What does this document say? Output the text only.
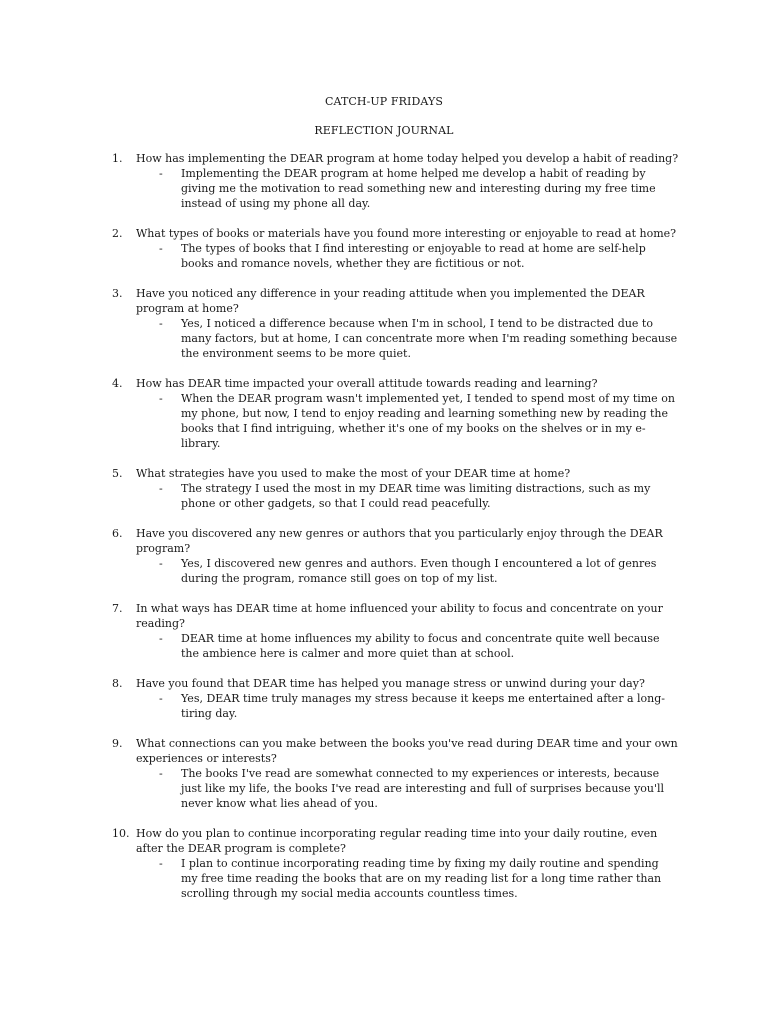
CATCH-UP FRIDAYS
REFLECTION JOURNAL
1. How has implementing the DEAR program at home today helped you develop a habit of reading?
- Implementing the DEAR program at home helped me develop a habit of reading by giving me the motivation to read something new and interesting during my free time instead of using my phone all day.
2. What types of books or materials have you found more interesting or enjoyable to read at home?
- The types of books that I find interesting or enjoyable to read at home are self-help books and romance novels, whether they are fictitious or not.
3. Have you noticed any difference in your reading attitude when you implemented the DEAR program at home?
- Yes, I noticed a difference because when I'm in school, I tend to be distracted due to many factors, but at home, I can concentrate more when I'm reading something because the environment seems to be more quiet.
4. How has DEAR time impacted your overall attitude towards reading and learning?
- When the DEAR program wasn't implemented yet, I tended to spend most of my time on my phone, but now, I tend to enjoy reading and learning something new by reading the books that I find intriguing, whether it's one of my books on the shelves or in my e-library.
5. What strategies have you used to make the most of your DEAR time at home?
- The strategy I used the most in my DEAR time was limiting distractions, such as my phone or other gadgets, so that I could read peacefully.
6. Have you discovered any new genres or authors that you particularly enjoy through the DEAR program?
- Yes, I discovered new genres and authors. Even though I encountered a lot of genres during the program, romance still goes on top of my list.
7. In what ways has DEAR time at home influenced your ability to focus and concentrate on your reading?
- DEAR time at home influences my ability to focus and concentrate quite well because the ambience here is calmer and more quiet than at school.
8. Have you found that DEAR time has helped you manage stress or unwind during your day?
- Yes, DEAR time truly manages my stress because it keeps me entertained after a long-tiring day.
9. What connections can you make between the books you've read during DEAR time and your own experiences or interests?
- The books I've read are somewhat connected to my experiences or interests, because just like my life, the books I've read are interesting and full of surprises because you'll never know what lies ahead of you.
10. How do you plan to continue incorporating regular reading time into your daily routine, even after the DEAR program is complete?
- I plan to continue incorporating reading time by fixing my daily routine and spending my free time reading the books that are on my reading list for a long time rather than scrolling through my social media accounts countless times.
